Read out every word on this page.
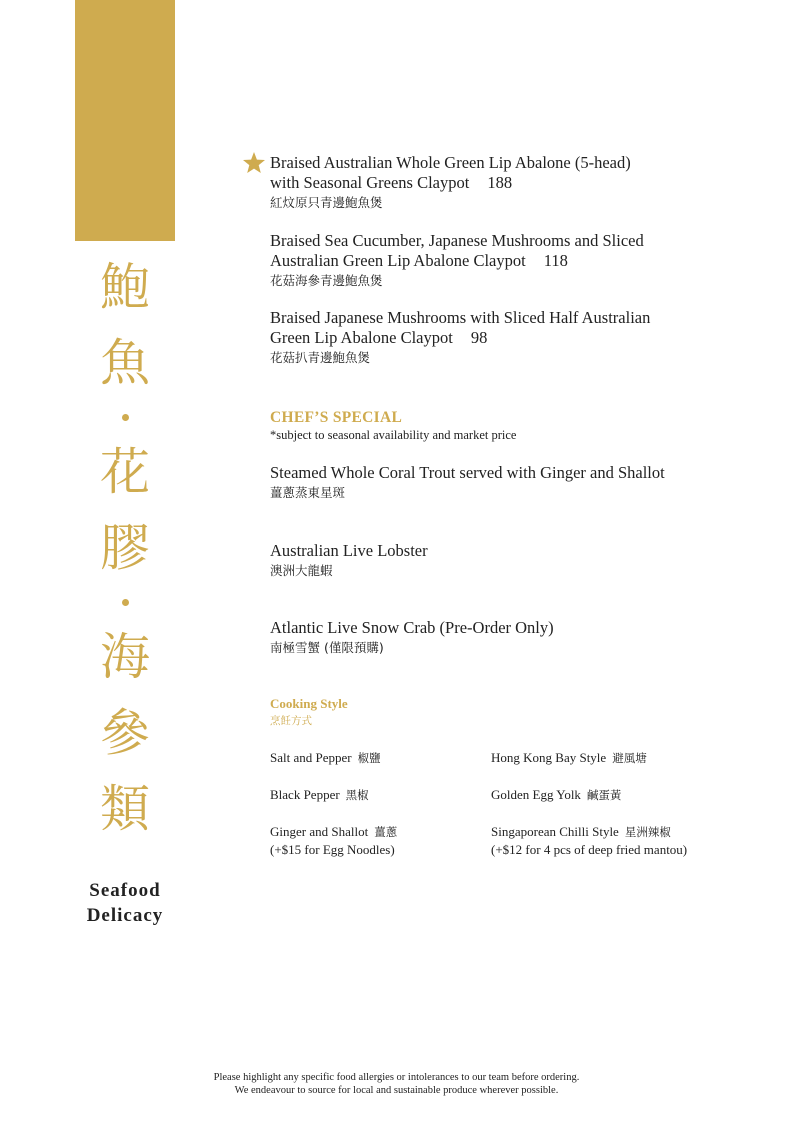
鮑
魚
花
膠
海
參
類
Seafood
Delicacy
Braised Australian Whole Green Lip Abalone (5-head)
with Seasonal Greens Claypot 188
紅炆原只青邊鮑魚煲
Braised Sea Cucumber, Japanese Mushrooms and Sliced
Australian Green Lip Abalone Claypot 118
花菇海參青邊鮑魚煲
Braised Japanese Mushrooms with Sliced Half Australian
Green Lip Abalone Claypot 98
花菇扒青邊鮑魚煲
CHEF’S SPECIAL
*subject to seasonal availability and market price
Steamed Whole Coral Trout served with Ginger and Shallot
薑蔥蒸東星斑
Australian Live Lobster
澳洲大龍蝦
Atlantic Live Snow Crab (Pre-Order Only)
南極雪蟹 (僅限預購)
Cooking Style
烹飪方式
Salt and Pepper 椒鹽	Hong Kong Bay Style 避風塘
Black Pepper 黑椒	Golden Egg Yolk 鹹蛋黃
Ginger and Shallot 薑蔥
(+$15 for Egg Noodles)
Singaporean Chilli Style 星洲辣椒
(+$12 for 4 pcs of deep fried mantou)
Please highlight any specific food allergies or intolerances to our team before ordering.
We endeavour to source for local and sustainable produce wherever possible.
